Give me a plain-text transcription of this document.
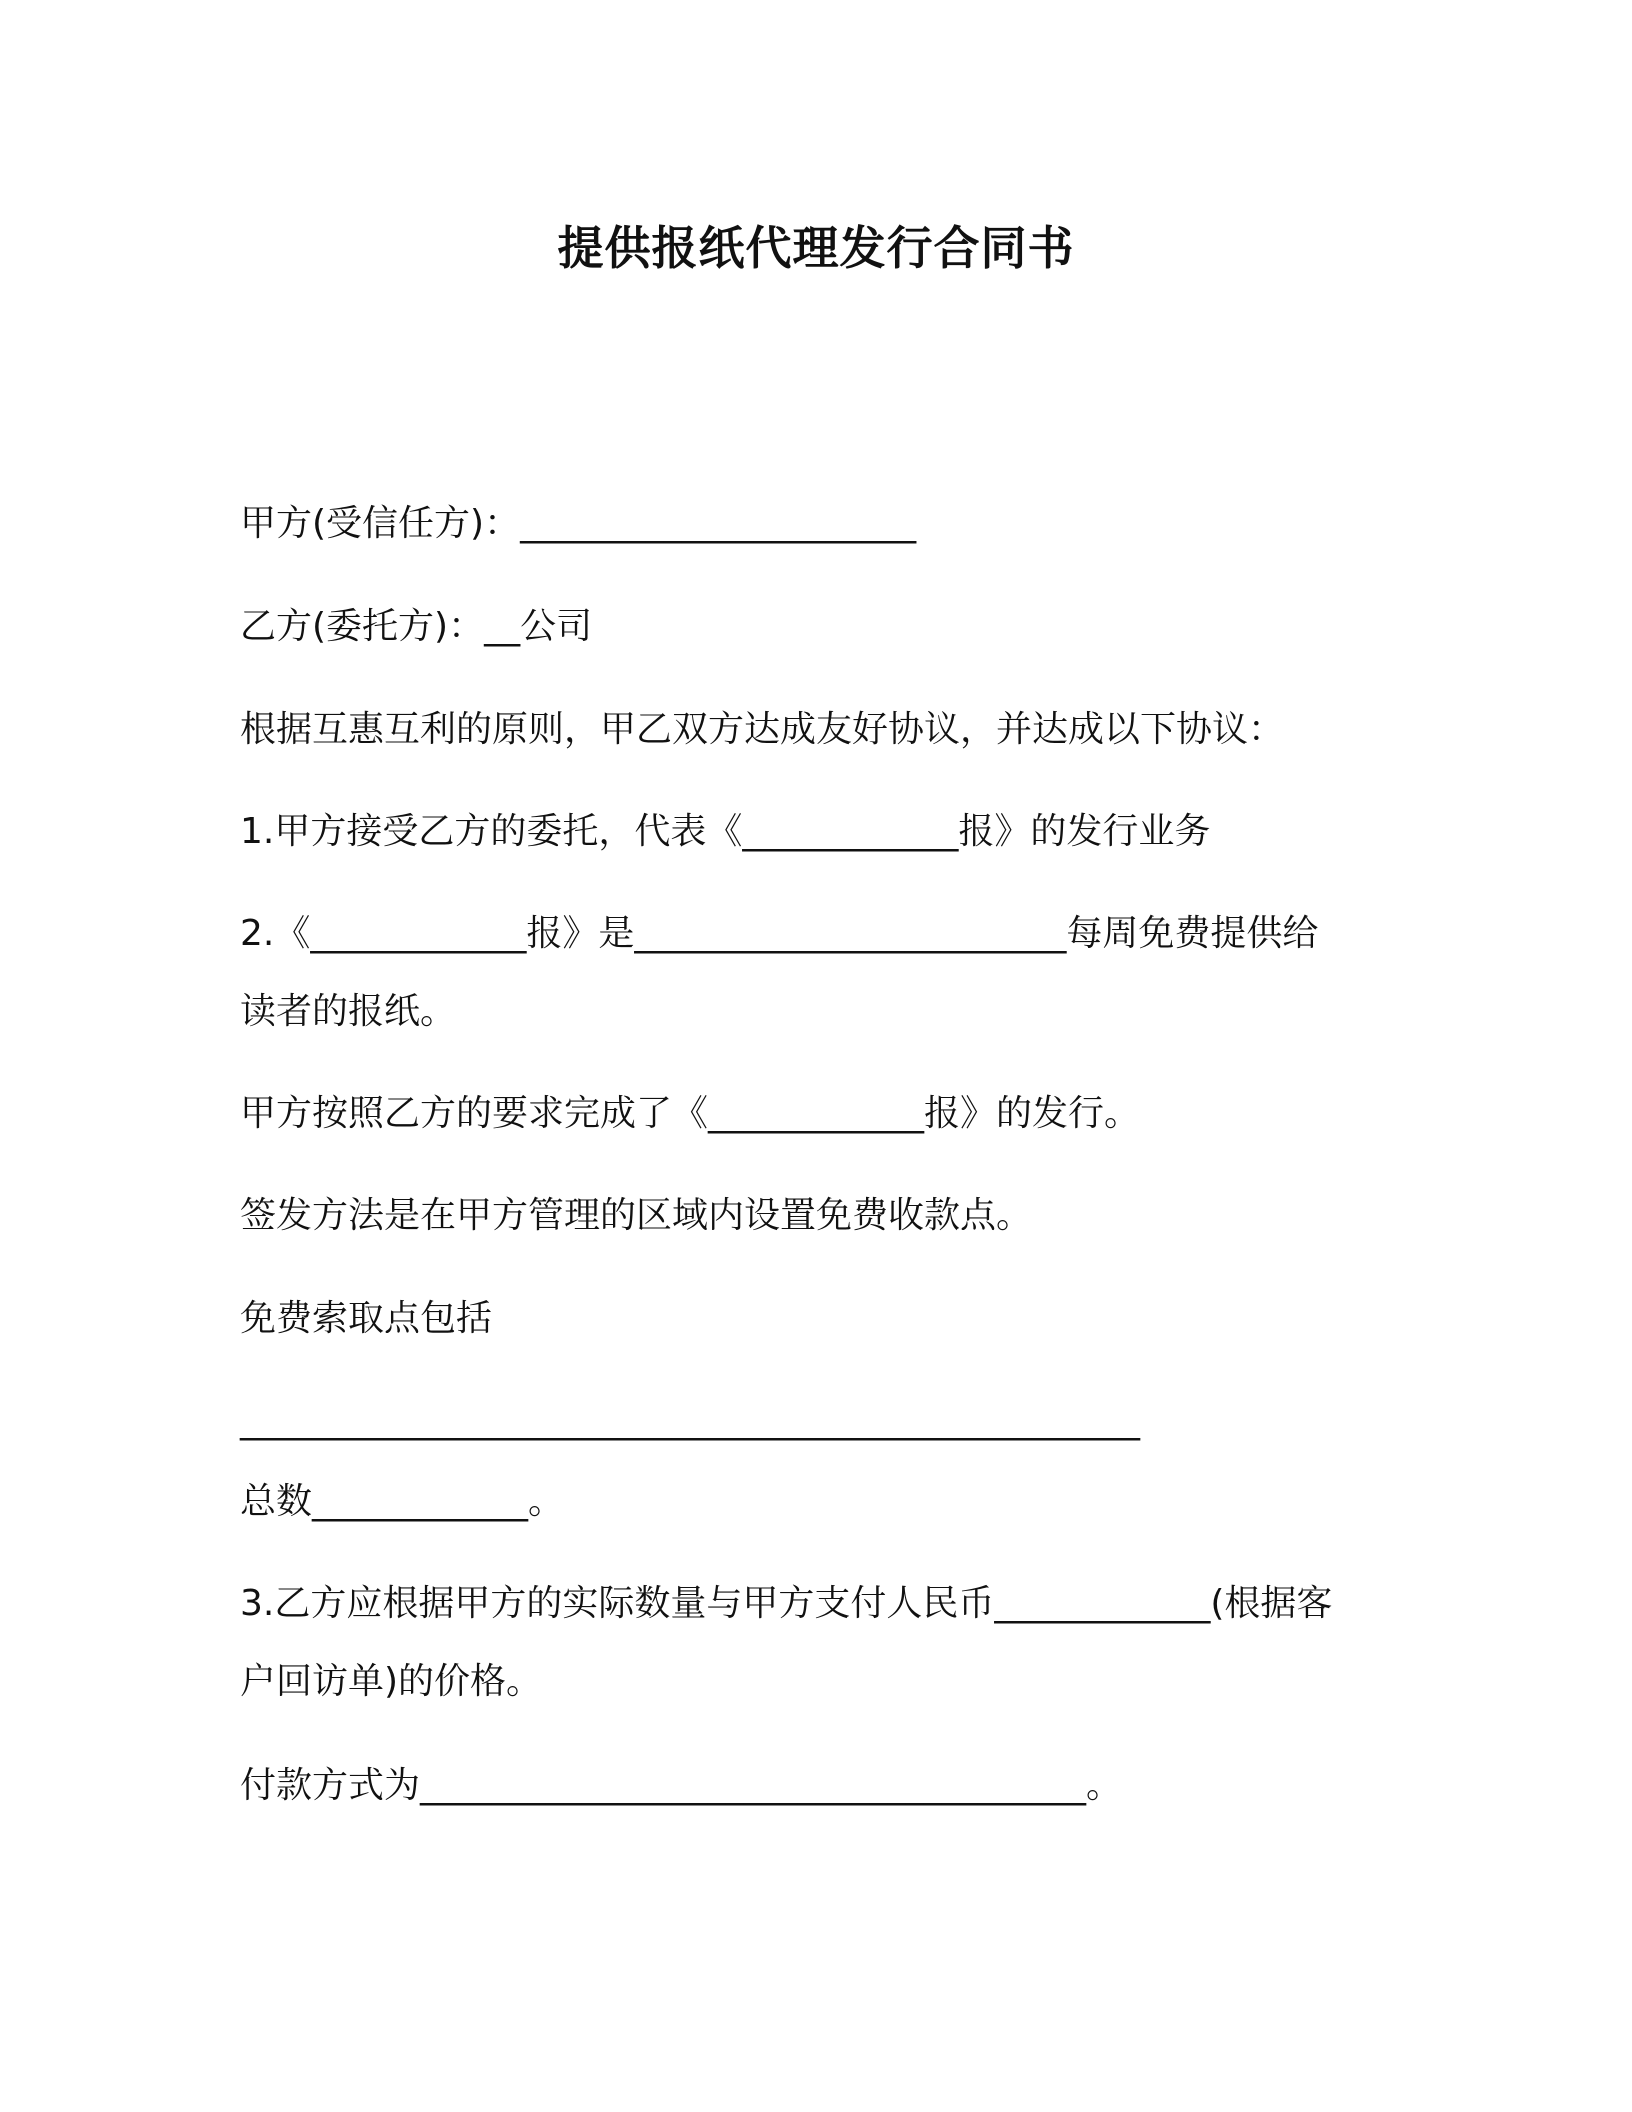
提供报纸代理发行合同书
甲方(受信任方)：______________________
乙方(委托方)：__公司
根据互惠互利的原则，甲乙双方达成友好协议，并达成以下协议：
1.甲方接受乙方的委托，代表《____________报》的发行业务
2.《____________报》是________________________每周免费提供给
读者的报纸。
甲方按照乙方的要求完成了《____________报》的发行。
签发方法是在甲方管理的区域内设置免费收款点。
免费索取点包括
__________________________________________________
总数____________。
3.乙方应根据甲方的实际数量与甲方支付人民币____________(根据客
户回访单)的价格。
付款方式为_____________________________________。
